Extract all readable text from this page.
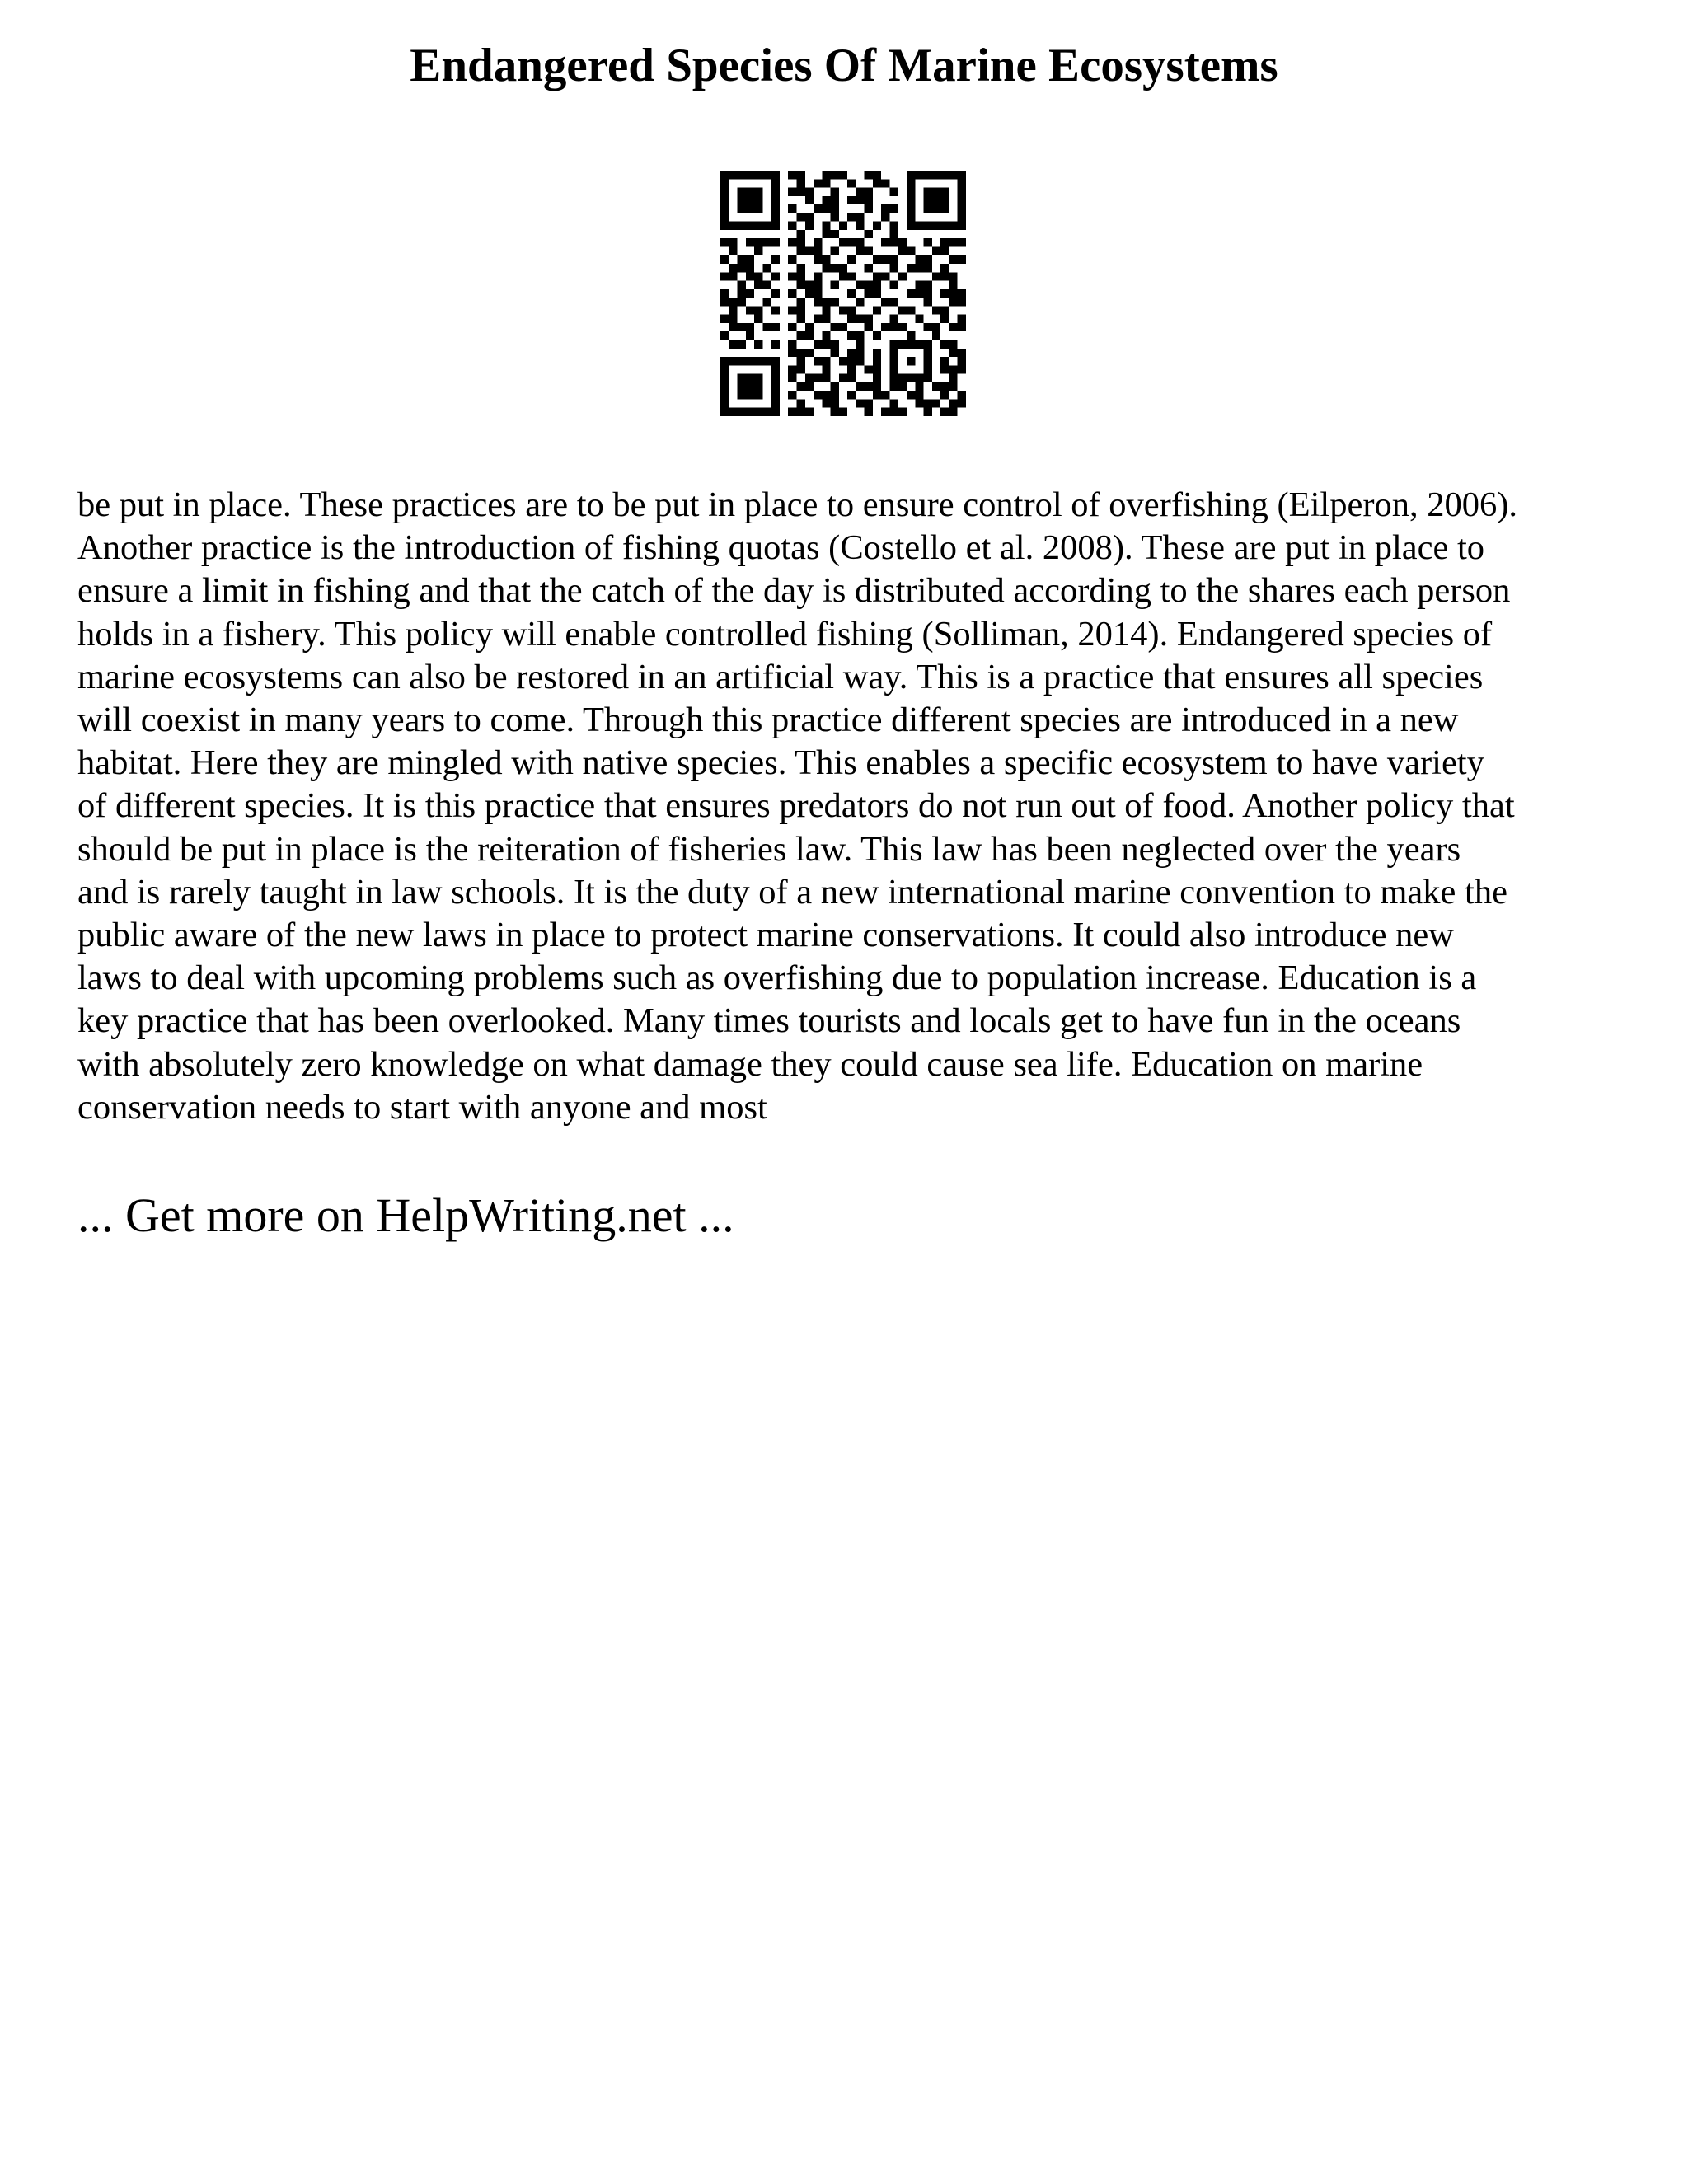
Endangered Species Of Marine Ecosystems
be put in place. These practices are to be put in place to ensure control of overfishing (Eilperon, 2006).
Another practice is the introduction of fishing quotas (Costello et al. 2008). These are put in place to
ensure a limit in fishing and that the catch of the day is distributed according to the shares each person
holds in a fishery. This policy will enable controlled fishing (Solliman, 2014). Endangered species of
marine ecosystems can also be restored in an artificial way. This is a practice that ensures all species
will coexist in many years to come. Through this practice different species are introduced in a new
habitat. Here they are mingled with native species. This enables a specific ecosystem to have variety
of different species. It is this practice that ensures predators do not run out of food. Another policy that
should be put in place is the reiteration of fisheries law. This law has been neglected over the years
and is rarely taught in law schools. It is the duty of a new international marine convention to make the
public aware of the new laws in place to protect marine conservations. It could also introduce new
laws to deal with upcoming problems such as overfishing due to population increase. Education is a
key practice that has been overlooked. Many times tourists and locals get to have fun in the oceans
with absolutely zero knowledge on what damage they could cause sea life. Education on marine
conservation needs to start with anyone and most
... Get more on HelpWriting.net ...
